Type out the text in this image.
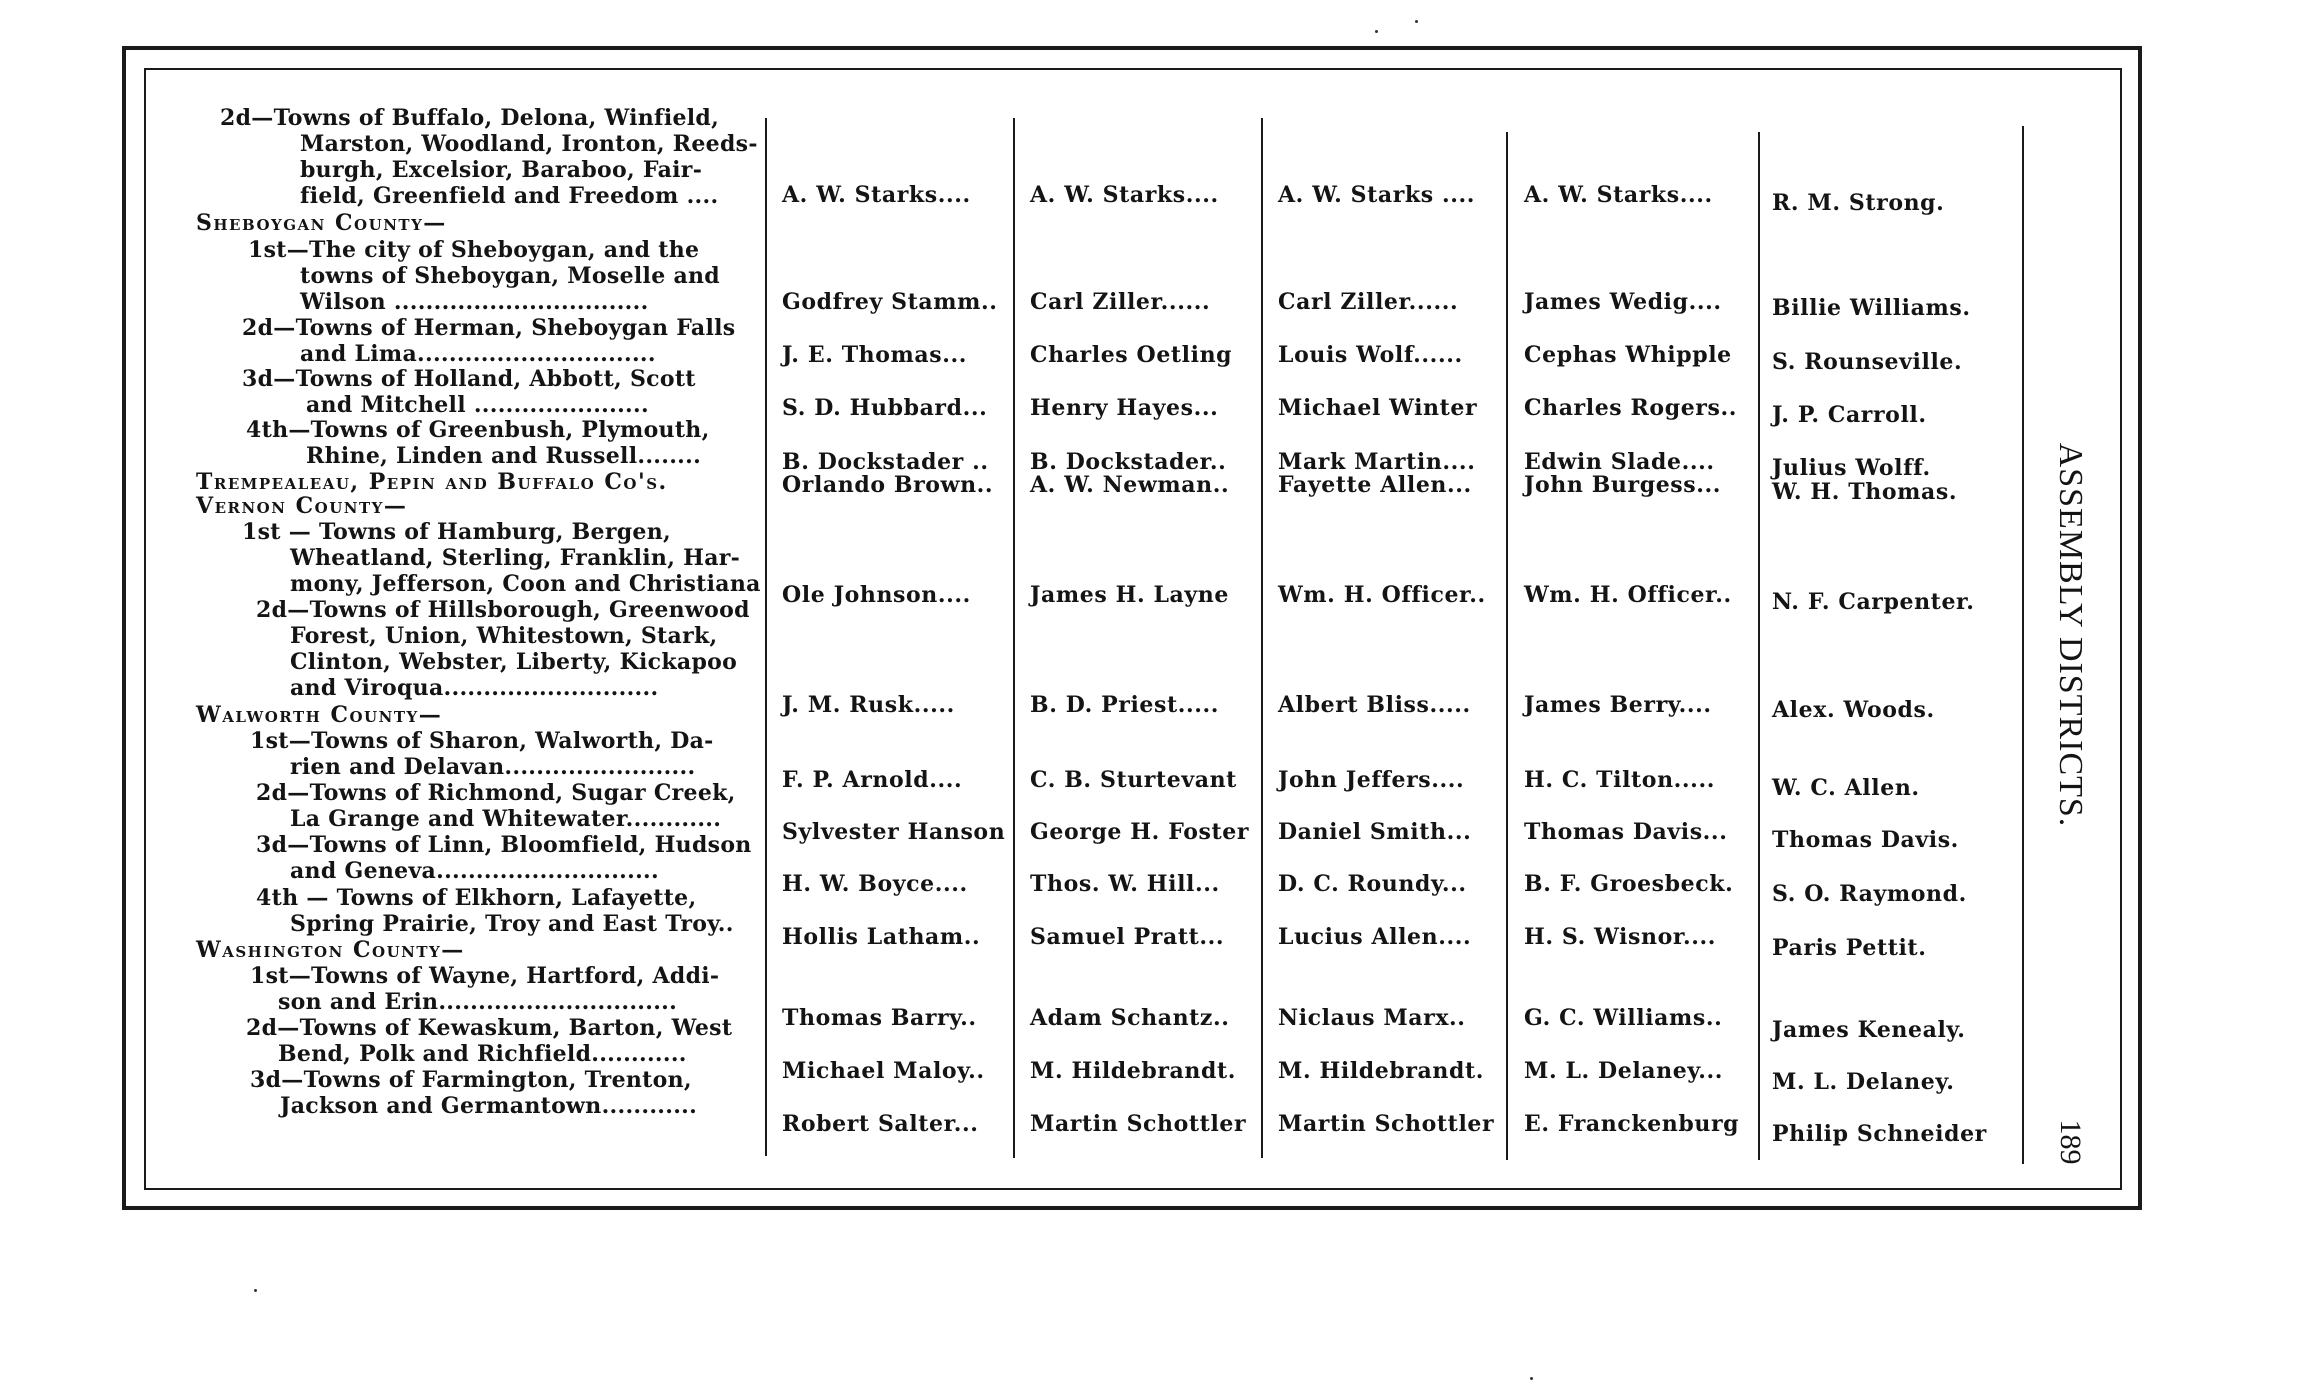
2d—Towns of Buffalo, Delona, Winfield,
Marston, Woodland, Ironton, Reeds-
burgh, Excelsior, Baraboo, Fair-
field, Greenfield and Freedom ....
Sheboygan County—
1st—The city of Sheboygan, and the
towns of Sheboygan, Moselle and
Wilson ................................
2d—Towns of Herman, Sheboygan Falls
and Lima..............................
3d—Towns of Holland, Abbott, Scott
and Mitchell ......................
4th—Towns of Greenbush, Plymouth,
Rhine, Linden and Russell........
Trempealeau, Pepin and Buffalo Co's.
Vernon County—
1st — Towns of Hamburg, Bergen,
Wheatland, Sterling, Franklin, Har-
mony, Jefferson, Coon and Christiana
2d—Towns of Hillsborough, Greenwood
Forest, Union, Whitestown, Stark,
Clinton, Webster, Liberty, Kickapoo
and Viroqua...........................
Walworth County—
1st—Towns of Sharon, Walworth, Da-
rien and Delavan........................
2d—Towns of Richmond, Sugar Creek,
La Grange and Whitewater............
3d—Towns of Linn, Bloomfield, Hudson
and Geneva............................
4th — Towns of Elkhorn, Lafayette,
Spring Prairie, Troy and East Troy..
Washington County—
1st—Towns of Wayne, Hartford, Addi-
son and Erin..............................
2d—Towns of Kewaskum, Barton, West
Bend, Polk and Richfield............
3d—Towns of Farmington, Trenton,
Jackson and Germantown............
A. W. Starks....
Godfrey Stamm..
J. E. Thomas...
S. D. Hubbard...
B. Dockstader ..
Orlando Brown..
Ole Johnson....
J. M. Rusk.....
F. P. Arnold....
Sylvester Hanson
H. W. Boyce....
Hollis Latham..
Thomas Barry..
Michael Maloy..
Robert Salter...
A. W. Starks....
Carl Ziller......
Charles Oetling
Henry Hayes...
B. Dockstader..
A. W. Newman..
James H. Layne
B. D. Priest.....
C. B. Sturtevant
George H. Foster
Thos. W. Hill...
Samuel Pratt...
Adam Schantz..
M. Hildebrandt.
Martin Schottler
A. W. Starks ....
Carl Ziller......
Louis Wolf......
Michael Winter
Mark Martin....
Fayette Allen...
Wm. H. Officer..
Albert Bliss.....
John Jeffers....
Daniel Smith...
D. C. Roundy...
Lucius Allen....
Niclaus Marx..
M. Hildebrandt.
Martin Schottler
A. W. Starks....
James Wedig....
Cephas Whipple
Charles Rogers..
Edwin Slade....
John Burgess...
Wm. H. Officer..
James Berry....
H. C. Tilton.....
Thomas Davis...
B. F. Groesbeck.
H. S. Wisnor....
G. C. Williams..
M. L. Delaney...
E. Franckenburg
R. M. Strong.
Billie Williams.
S. Rounseville.
J. P. Carroll.
Julius Wolff.
W. H. Thomas.
N. F. Carpenter.
Alex. Woods.
W. C. Allen.
Thomas Davis.
S. O. Raymond.
Paris Pettit.
James Kenealy.
M. L. Delaney.
Philip Schneider
ASSEMBLY DISTRICTS.
189
